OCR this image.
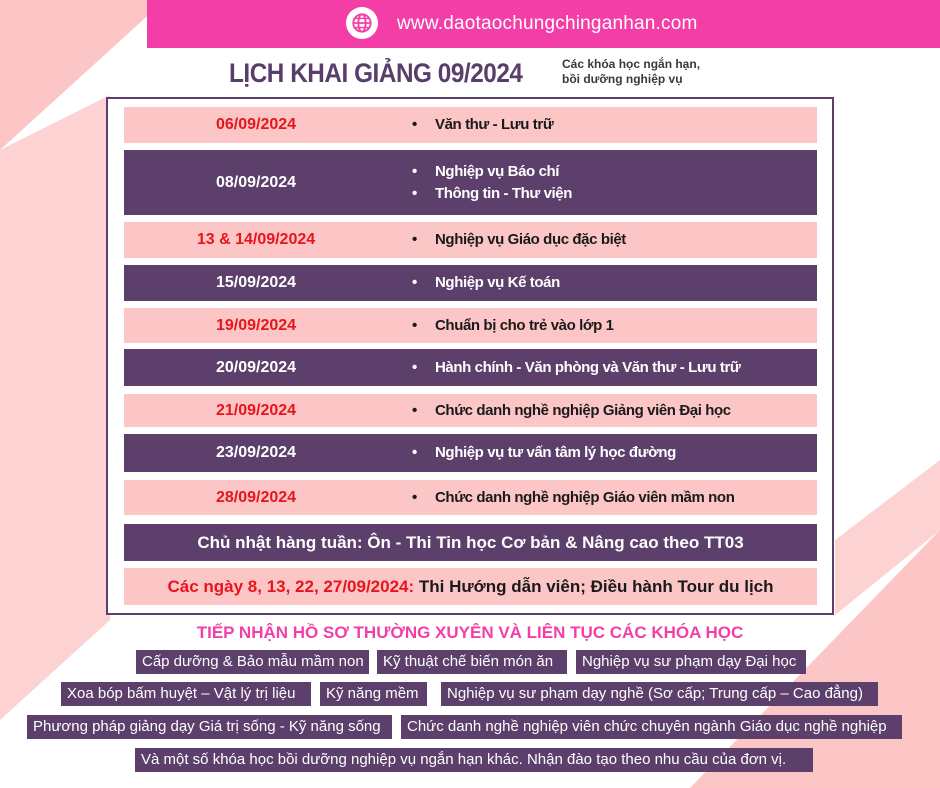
www.daotaochungchinganhan.com
LỊCH KHAI GIẢNG 09/2024	Các khóa học ngắn hạn,
bồi dưỡng nghiệp vụ
06/09/2024	• Văn thư - Lưu trữ
08/09/2024
• Nghiệp vụ Báo chí
• Thông tin - Thư viện
13 & 14/09/2024	• Nghiệp vụ Giáo dục đặc biệt
15/09/2024	• Nghiệp vụ Kế toán
19/09/2024	• Chuẩn bị cho trẻ vào lớp 1
20/09/2024	• Hành chính - Văn phòng và Văn thư - Lưu trữ
21/09/2024	• Chức danh nghề nghiệp Giảng viên Đại học
23/09/2024	• Nghiệp vụ tư vấn tâm lý học đường
28/09/2024	• Chức danh nghề nghiệp Giáo viên mầm non
Chủ nhật hàng tuần: Ôn - Thi Tin học Cơ bản & Nâng cao theo TT03
Các ngày 8, 13, 22, 27/09/2024: Thi Hướng dẫn viên; Điều hành Tour du lịch
TIẾP NHẬN HỒ SƠ THƯỜNG XUYÊN VÀ LIÊN TỤC CÁC KHÓA HỌC
Cấp dưỡng & Bảo mẫu mầm non	Kỹ thuật chế biến món ăn	Nghiệp vụ sư phạm dạy Đại học
Xoa bóp bấm huyệt – Vật lý trị liệu	Kỹ năng mềm	Nghiệp vụ sư phạm dạy nghề (Sơ cấp; Trung cấp – Cao đẳng)
Phương pháp giảng dạy Giá trị sống - Kỹ năng sống	Chức danh nghề nghiệp viên chức chuyên ngành Giáo dục nghề nghiệp
Và một số khóa học bồi dưỡng nghiệp vụ ngắn hạn khác. Nhận đào tạo theo nhu cầu của đơn vị.
